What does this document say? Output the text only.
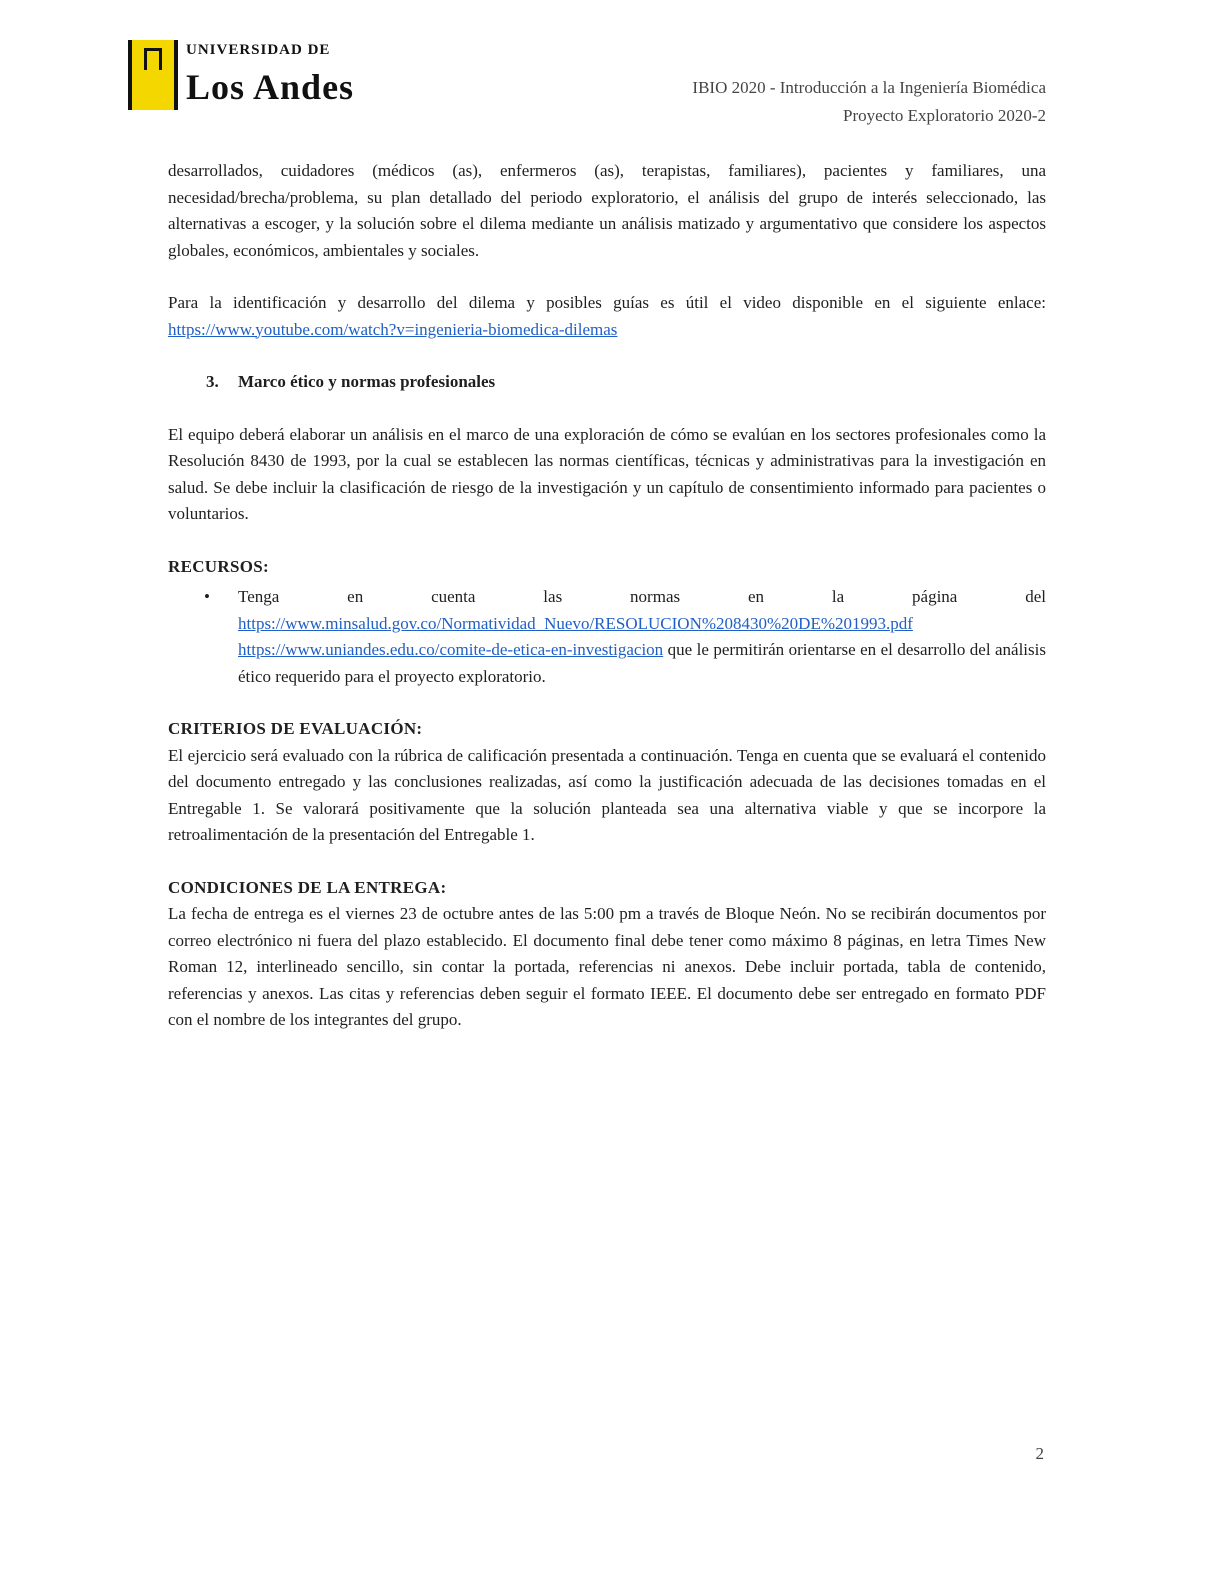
UNIVERSIDAD DE
Los Andes	IBIO 2020 - Introducción a la Ingeniería Biomédica
Proyecto Exploratorio 2020-2

desarrollados, cuidadores (médicos (as), enfermeros (as), terapistas, familiares), pacientes y familiares, una necesidad/brecha/problema, su plan detallado del periodo exploratorio, el análisis del grupo de interés seleccionado, las alternativas a escoger, y la solución sobre el dilema mediante un análisis matizado y argumentativo que considere los aspectos globales, económicos, ambientales y sociales.

Para la identificación y desarrollo del dilema y posibles guías es útil el video disponible en el siguiente enlace: https://www.youtube.com/watch?v=ingenieria-biomedica-dilemas

3. Marco ético y normas profesionales

El equipo deberá elaborar un análisis en el marco de una exploración de cómo se evalúan en los sectores profesionales como la Resolución 8430 de 1993, por la cual se establecen las normas científicas, técnicas y administrativas para la investigación en salud. Se debe incluir la clasificación de riesgo de la investigación y un capítulo de consentimiento informado para pacientes o voluntarios.

RECURSOS:
• Tenga en cuenta las normas en la página del https://www.minsalud.gov.co/Normatividad_Nuevo/RESOLUCION%208430%20DE%201993.pdf
https://www.uniandes.edu.co/comite-de-etica-en-investigacion que le permitirán orientarse en el desarrollo del análisis ético requerido para el proyecto exploratorio.
CRITERIOS DE EVALUACIÓN:

El ejercicio será evaluado con la rúbrica de calificación presentada a continuación. Tenga en cuenta que se evaluará el contenido del documento entregado y las conclusiones realizadas, así como la justificación adecuada de las decisiones tomadas en el Entregable 1. Se valorará positivamente que la solución planteada sea una alternativa viable y que se incorpore la retroalimentación de la presentación del Entregable 1.

CONDICIONES DE LA ENTREGA:

La fecha de entrega es el viernes 23 de octubre antes de las 5:00 pm a través de Bloque Neón. No se recibirán documentos por correo electrónico ni fuera del plazo establecido. El documento final debe tener como máximo 8 páginas, en letra Times New Roman 12, interlineado sencillo, sin contar la portada, referencias ni anexos. Debe incluir portada, tabla de contenido, referencias y anexos. Las citas y referencias deben seguir el formato IEEE. El documento debe ser entregado en formato PDF con el nombre de los integrantes del grupo.

2
